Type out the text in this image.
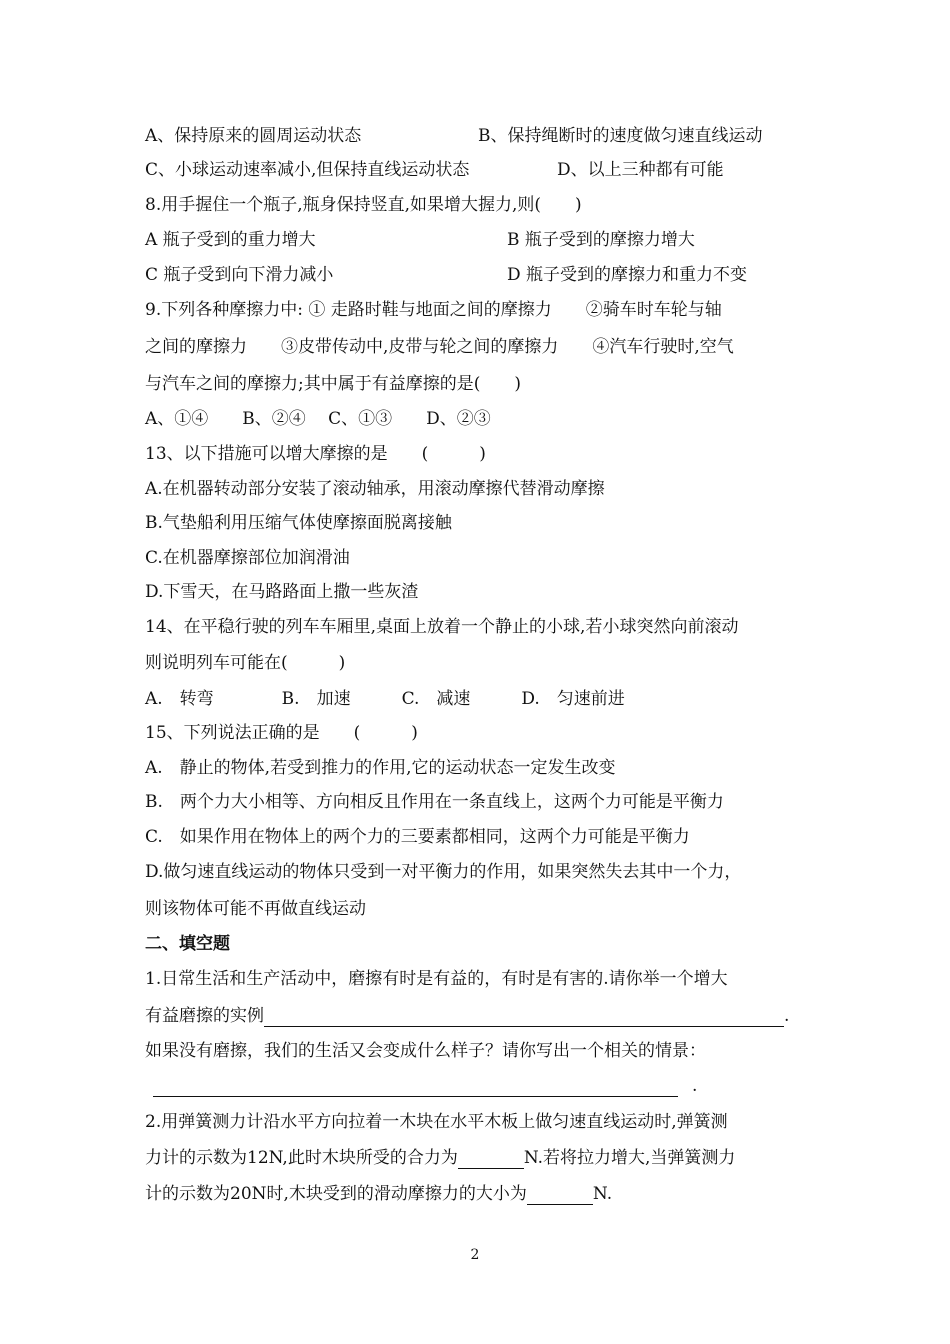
A、保持原来的圆周运动状态	B、保持绳断时的速度做匀速直线运动
C、小球运动速率减小,但保持直线运动状态	D、以上三种都有可能
8.用手握住一个瓶子,瓶身保持竖直,如果增大握力,则(　　)
A 瓶子受到的重力增大	B 瓶子受到的摩擦力增大
C 瓶子受到向下滑力减小	D 瓶子受到的摩擦力和重力不变
9.下列各种摩擦力中: ① 走路时鞋与地面之间的摩擦力　　②骑车时车轮与轴
之间的摩擦力　　③皮带传动中,皮带与轮之间的摩擦力　　④汽车行驶时,空气
与汽车之间的摩擦力;其中属于有益摩擦的是(　　)
A、①④　　B、②④　 C、①③　　D、②③
13、以下措施可以增大摩擦的是　　(　　　)
A.在机器转动部分安装了滚动轴承，用滚动摩擦代替滑动摩擦
B.气垫船利用压缩气体使摩擦面脱离接触
C.在机器摩擦部位加润滑油
D.下雪天，在马路路面上撒一些灰渣
14、在平稳行驶的列车车厢里,桌面上放着一个静止的小球,若小球突然向前滚动
则说明列车可能在(　　　)
A.　转弯　　　　B.　加速　　　C.　减速　　　D.　匀速前进
15、下列说法正确的是　　(　　　)
A.　静止的物体,若受到推力的作用,它的运动状态一定发生改变
B.　两个力大小相等、方向相反且作用在一条直线上，这两个力可能是平衡力
C.　如果作用在物体上的两个力的三要素都相同，这两个力可能是平衡力
D.做匀速直线运动的物体只受到一对平衡力的作用，如果突然失去其中一个力，
则该物体可能不再做直线运动
二、填空题
1.日常生活和生产活动中，磨擦有时是有益的，有时是有害的.请你举一个增大
有益磨擦的实例	.
如果没有磨擦，我们的生活又会变成什么样子？请你写出一个相关的情景：
.
2.用弹簧测力计沿水平方向拉着一木块在水平木板上做匀速直线运动时,弹簧测
力计的示数为12N,此时木块所受的合力为	N.若将拉力增大,当弹簧测力
计的示数为20N时,木块受到的滑动摩擦力的大小为	N.
2
